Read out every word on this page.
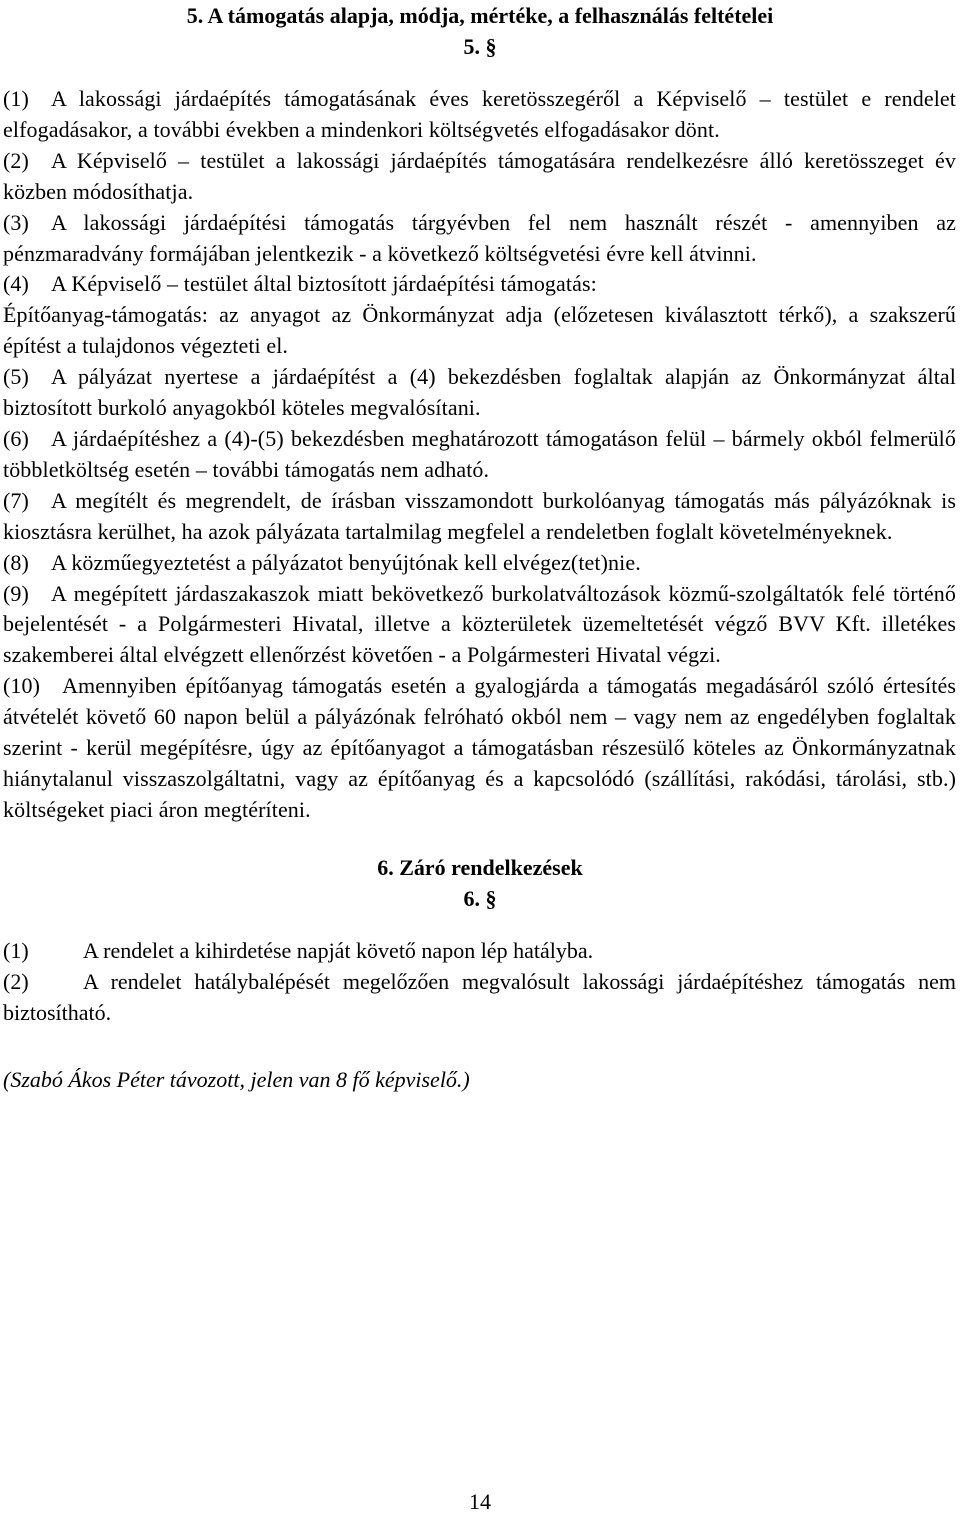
5. A támogatás alapja, módja, mértéke, a felhasználás feltételei

5. §

(1) A lakossági járdaépítés támogatásának éves keretösszegéről a Képviselő – testület e rendelet elfogadásakor, a további években a mindenkori költségvetés elfogadásakor dönt.

(2) A Képviselő – testület a lakossági járdaépítés támogatására rendelkezésre álló keretösszeget év közben módosíthatja.

(3) A lakossági járdaépítési támogatás tárgyévben fel nem használt részét - amennyiben az pénzmaradvány formájában jelentkezik - a következő költségvetési évre kell átvinni.

(4) A Képviselő – testület által biztosított járdaépítési támogatás:

Építőanyag-támogatás: az anyagot az Önkormányzat adja (előzetesen kiválasztott térkő), a szakszerű építést a tulajdonos végezteti el.

(5) A pályázat nyertese a járdaépítést a (4) bekezdésben foglaltak alapján az Önkormányzat által biztosított burkoló anyagokból köteles megvalósítani.

(6) A járdaépítéshez a (4)-(5) bekezdésben meghatározott támogatáson felül – bármely okból felmerülő többletköltség esetén – további támogatás nem adható.

(7) A megítélt és megrendelt, de írásban visszamondott burkolóanyag támogatás más pályázóknak is kiosztásra kerülhet, ha azok pályázata tartalmilag megfelel a rendeletben foglalt követelményeknek.

(8) A közműegyeztetést a pályázatot benyújtónak kell elvégez(tet)nie.

(9) A megépített járdaszakaszok miatt bekövetkező burkolatváltozások közmű-szolgáltatók felé történő bejelentését - a Polgármesteri Hivatal, illetve a közterületek üzemeltetését végző BVV Kft. illetékes szakemberei által elvégzett ellenőrzést követően - a Polgármesteri Hivatal végzi.

(10) Amennyiben építőanyag támogatás esetén a gyalogjárda a támogatás megadásáról szóló értesítés átvételét követő 60 napon belül a pályázónak felróható okból nem – vagy nem az engedélyben foglaltak szerint - kerül megépítésre, úgy az építőanyagot a támogatásban részesülő köteles az Önkormányzatnak hiánytalanul visszaszolgáltatni, vagy az építőanyag és a kapcsolódó (szállítási, rakódási, tárolási, stb.) költségeket piaci áron megtéríteni.

6. Záró rendelkezések

6. §

(1) A rendelet a kihirdetése napját követő napon lép hatályba.

(2) A rendelet hatálybalépését megelőzően megvalósult lakossági járdaépítéshez támogatás nem biztosítható.

(Szabó Ákos Péter távozott, jelen van 8 fő képviselő.)

14
